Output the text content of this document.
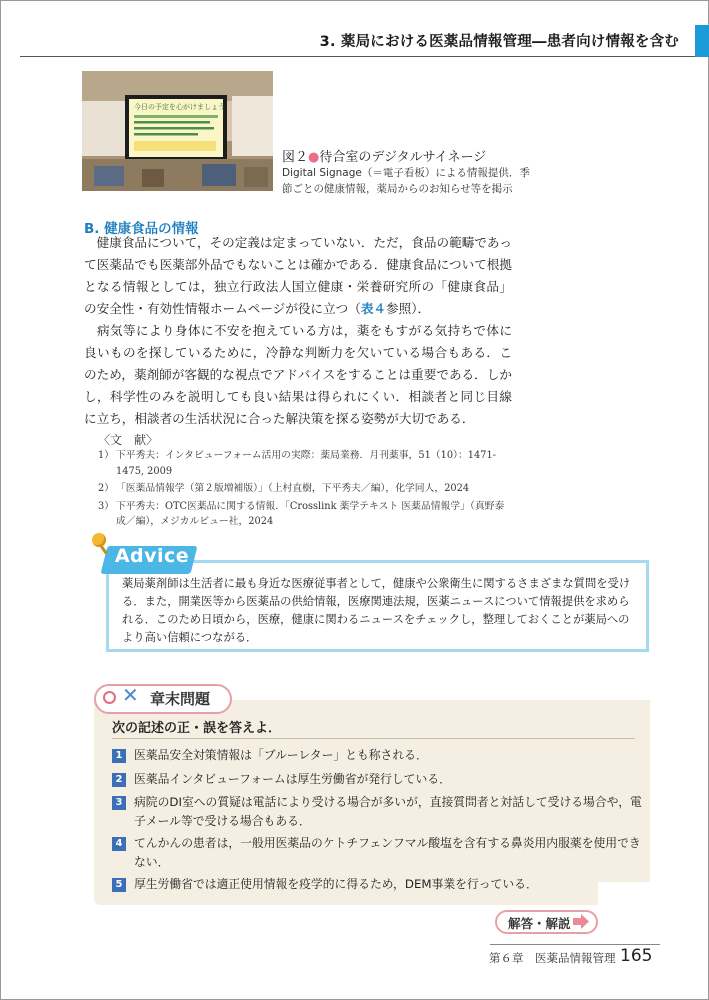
3. 薬局における医薬品情報管理―患者向け情報を含む
今日の予定を心がけましょう
図２●待合室のデジタルサイネージ
Digital Signage（＝電子看板）による情報提供．季節ごとの健康情報，薬局からのお知らせ等を掲示
B. 健康食品の情報
　健康食品について，その定義は定まっていない．ただ，食品の範疇であって医薬品でも医薬部外品でもないことは確かである．健康食品について根拠となる情報としては，独立行政法人国立健康・栄養研究所の「健康食品」の安全性・有効性情報ホームページが役に立つ（表４参照）．
　病気等により身体に不安を抱えている方は，薬をもすがる気持ちで体に良いものを探しているために，冷静な判断力を欠いている場合もある．このため，薬剤師が客観的な視点でアドバイスをすることは重要である．しかし，科学性のみを説明しても良い結果は得られにくい．相談者と同じ目線に立ち，相談者の生活状況に合った解決策を探る姿勢が大切である．
〈文　献〉
1） 下平秀夫：インタビューフォーム活用の実際：薬局業務．月刊薬事，51（10）：1471-1475, 2009
2） 「医薬品情報学（第２版増補版）」（上村直樹，下平秀夫／編），化学同人，2024
3） 下平秀夫：OTC医薬品に関する情報．「Crosslink 薬学テキスト 医薬品情報学」（真野泰成／編），メジカルビュー社，2024
Advice
薬局薬剤師は生活者に最も身近な医療従事者として，健康や公衆衛生に関するさまざまな質問を受ける．また，開業医等から医薬品の供給情報，医療関連法規，医薬ニュースについて情報提供を求められる．このため日頃から，医療，健康に関わるニュースをチェックし，整理しておくことが薬局へのより高い信頼につながる．
✕ 章末問題
次の記述の正・誤を答えよ．
1 医薬品安全対策情報は「ブルーレター」とも称される．
2 医薬品インタビューフォームは厚生労働省が発行している．
3 病院のDI室への質疑は電話により受ける場合が多いが，直接質問者と対話して受ける場合や，電子メール等で受ける場合もある．
4 てんかんの患者は，一般用医薬品のケトチフェンフマル酸塩を含有する鼻炎用内服薬を使用できない．
5 厚生労働省では適正使用情報を疫学的に得るため，DEM事業を行っている．
解答・解説
第６章　医薬品情報管理 165
